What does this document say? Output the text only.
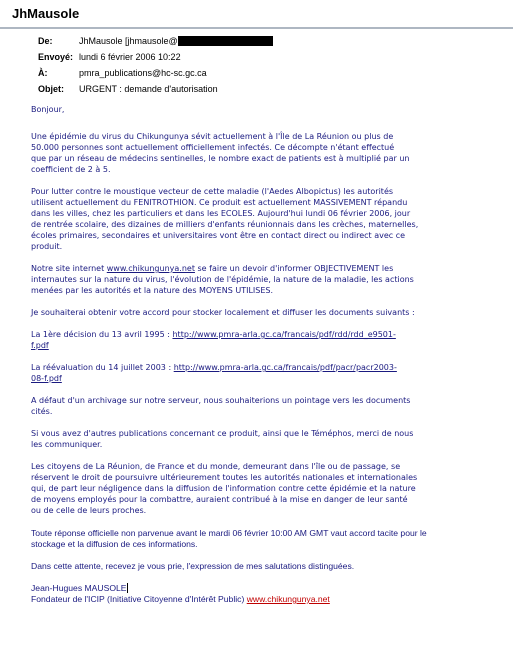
JhMausole
De:	JhMausole [jhmausole@
Envoyé: lundi 6 février 2006 10:22
À:	pmra_publications@hc-sc.gc.ca
Objet: URGENT : demande d'autorisation

Bonjour,

Une épidémie du virus du Chikungunya sévit actuellement à l'Île de La Réunion ou plus de
50.000 personnes sont actuellement officiellement infectés. Ce décompte n'étant effectué
que par un réseau de médecins sentinelles, le nombre exact de patients est à multiplié par un
coefficient de 2 à 5.
Pour lutter contre le moustique vecteur de cette maladie (l'Aedes Albopictus) les autorités
utilisent actuellement du FENITROTHION. Ce produit est actuellement MASSIVEMENT répandu
dans les villes, chez les particuliers et dans les ECOLES. Aujourd'hui lundi 06 février 2006, jour
de rentrée scolaire, des dizaines de milliers d'enfants réunionnais dans les crèches, maternelles,
écoles primaires, secondaires et universitaires vont être en contact direct ou indirect avec ce
produit.
Notre site internet www.chikungunya.net se faire un devoir d'informer OBJECTIVEMENT les
internautes sur la nature du virus, l'évolution de l'épidémie, la nature de la maladie, les actions
menées par les autorités et la nature des MOYENS UTILISES.
Je souhaiterai obtenir votre accord pour stocker localement et diffuser les documents suivants :
La 1ère décision du 13 avril 1995 : http://www.pmra-arla.gc.ca/francais/pdf/rdd/rdd_e9501-
f.pdf
La réévaluation du 14 juillet 2003 : http://www.pmra-arla.gc.ca/francais/pdf/pacr/pacr2003-
08-f.pdf
A défaut d'un archivage sur notre serveur, nous souhaiterions un pointage vers les documents
cités.
Si vous avez d'autres publications concernant ce produit, ainsi que le Téméphos, merci de nous
les communiquer.
Les citoyens de La Réunion, de France et du monde, demeurant dans l'île ou de passage, se
réservent le droit de poursuivre ultérieurement toutes les autorités nationales et internationales
qui, de part leur négligence dans la diffusion de l'information contre cette épidémie et la nature
de moyens employés pour la combattre, auraient contribué à la mise en danger de leur santé
ou de celle de leurs proches.
Toute réponse officielle non parvenue avant le mardi 06 février 10:00 AM GMT vaut accord tacite pour le
stockage et la diffusion de ces informations.
Dans cette attente, recevez je vous prie, l'expression de mes salutations distinguées.
Jean-Hugues MAUSOLE
Fondateur de l'ICIP (Initiative Citoyenne d'Intérêt Public) www.chikungunya.net
